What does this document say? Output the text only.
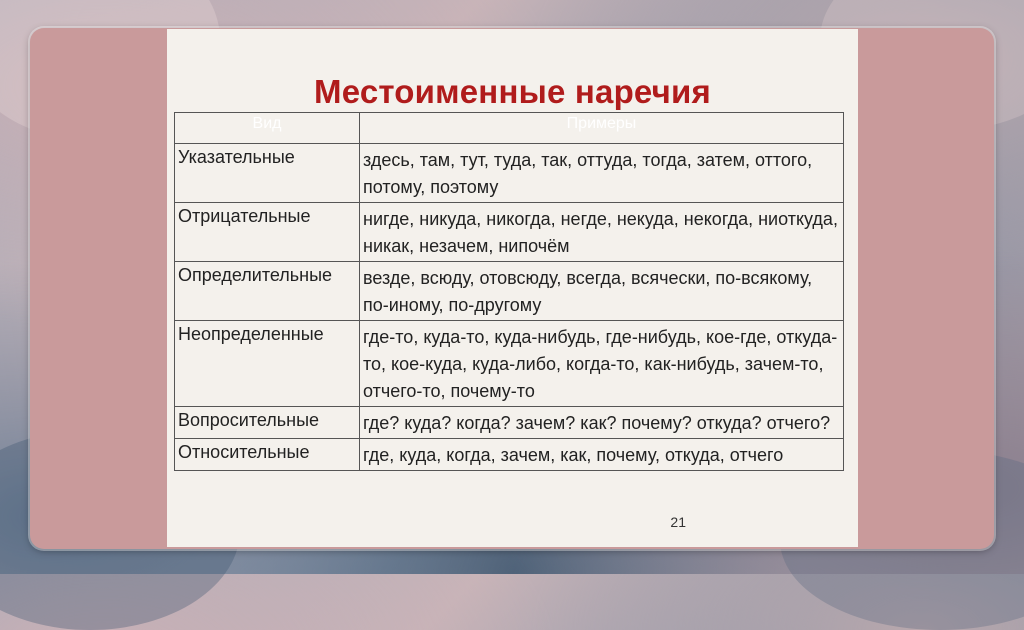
Местоименные наречия
Вид	Примеры
Указательные	здесь, там, тут, туда, так, оттуда, тогда, затем, оттого, потому, поэтому
Отрицательные	нигде, никуда, никогда, негде, некуда, некогда, ниоткуда, никак, незачем, нипочём
Определительные	везде, всюду, отовсюду, всегда, всячески, по-всякому, по-иному, по-другому
Неопределенные	где-то, куда-то, куда-нибудь, где-нибудь, кое-где, откуда-то, кое-куда, куда-либо, когда-то, как-нибудь, зачем-то, отчего-то, почему-то
Вопросительные	где? куда? когда? зачем? как? почему? откуда? отчего?
Относительные	где, куда, когда, зачем, как, почему, откуда, отчего
21
